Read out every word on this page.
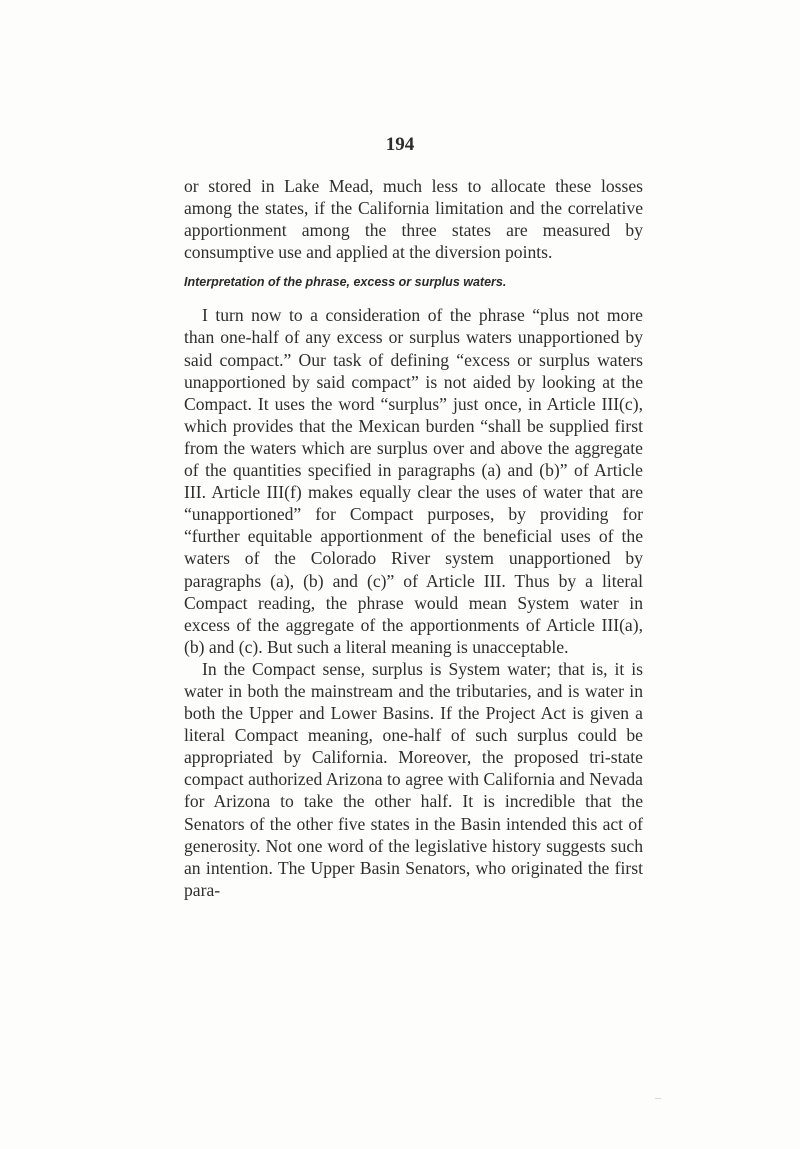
194

or stored in Lake Mead, much less to allocate these losses among the states, if the California limitation and the correlative apportionment among the three states are measured by consumptive use and applied at the diversion points.

Interpretation of the phrase, excess or surplus waters.

I turn now to a consideration of the phrase “plus not more than one-half of any excess or surplus waters unapportioned by said compact.” Our task of defining “excess or surplus waters unapportioned by said compact” is not aided by looking at the Compact. It uses the word “surplus” just once, in Article III(c), which provides that the Mexican burden “shall be supplied first from the waters which are surplus over and above the aggregate of the quantities specified in paragraphs (a) and (b)” of Article III. Article III(f) makes equally clear the uses of water that are “unapportioned” for Compact purposes, by providing for “further equitable apportionment of the beneficial uses of the waters of the Colorado River system unapportioned by paragraphs (a), (b) and (c)” of Article III. Thus by a literal Compact reading, the phrase would mean System water in excess of the aggregate of the apportionments of Article III(a), (b) and (c). But such a literal meaning is unacceptable.

In the Compact sense, surplus is System water; that is, it is water in both the mainstream and the tributaries, and is water in both the Upper and Lower Basins. If the Project Act is given a literal Compact meaning, one-half of such surplus could be appropriated by California. Moreover, the proposed tri-state compact authorized Arizona to agree with California and Nevada for Arizona to take the other half. It is incredible that the Senators of the other five states in the Basin intended this act of generosity. Not one word of the legislative history suggests such an intention. The Upper Basin Senators, who originated the first para-
